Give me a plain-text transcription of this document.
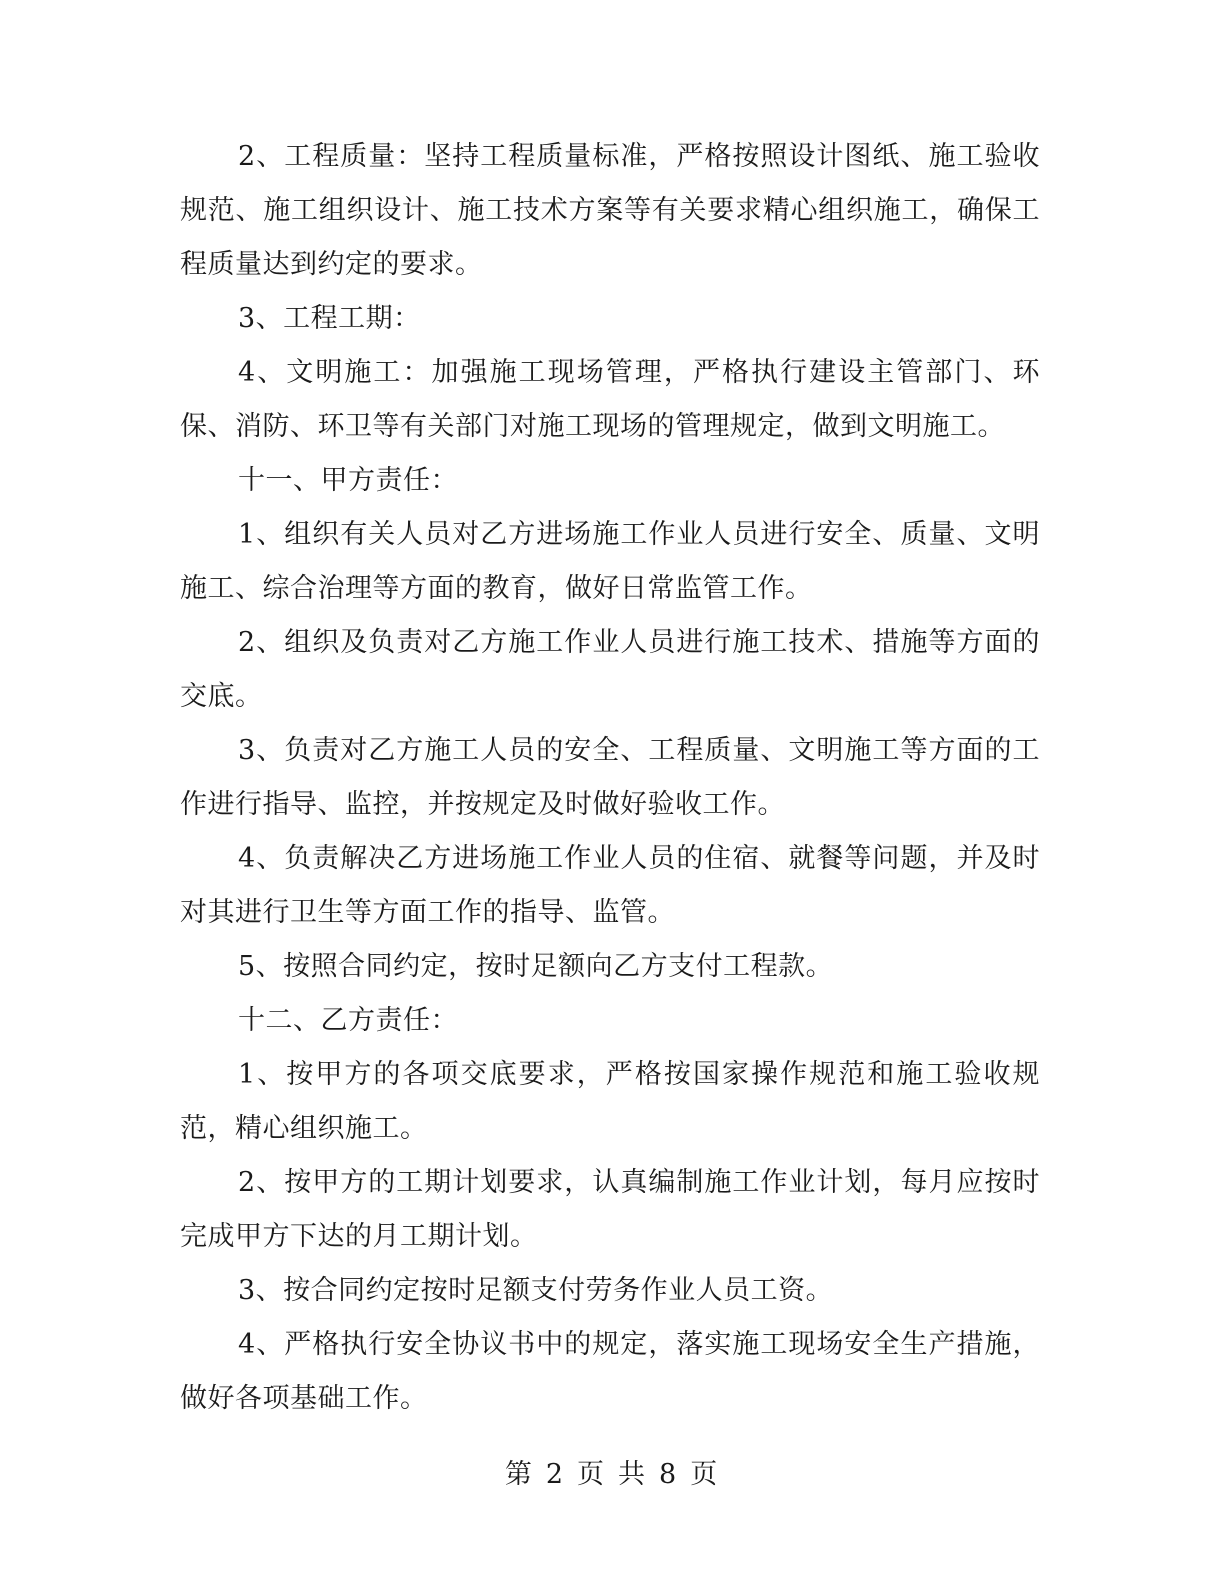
2、工程质量：坚持工程质量标准，严格按照设计图纸、施工验收规范、施工组织设计、施工技术方案等有关要求精心组织施工，确保工程质量达到约定的要求。

3、工程工期：

4、文明施工：加强施工现场管理，严格执行建设主管部门、环保、消防、环卫等有关部门对施工现场的管理规定，做到文明施工。

十一、甲方责任：

1、组织有关人员对乙方进场施工作业人员进行安全、质量、文明施工、综合治理等方面的教育，做好日常监管工作。

2、组织及负责对乙方施工作业人员进行施工技术、措施等方面的交底。

3、负责对乙方施工人员的安全、工程质量、文明施工等方面的工作进行指导、监控，并按规定及时做好验收工作。

4、负责解决乙方进场施工作业人员的住宿、就餐等问题，并及时对其进行卫生等方面工作的指导、监管。

5、按照合同约定，按时足额向乙方支付工程款。

十二、乙方责任：

1、按甲方的各项交底要求，严格按国家操作规范和施工验收规范，精心组织施工。

2、按甲方的工期计划要求，认真编制施工作业计划，每月应按时完成甲方下达的月工期计划。

3、按合同约定按时足额支付劳务作业人员工资。

4、严格执行安全协议书中的规定，落实施工现场安全生产措施，做好各项基础工作。

第 2 页 共 8 页
